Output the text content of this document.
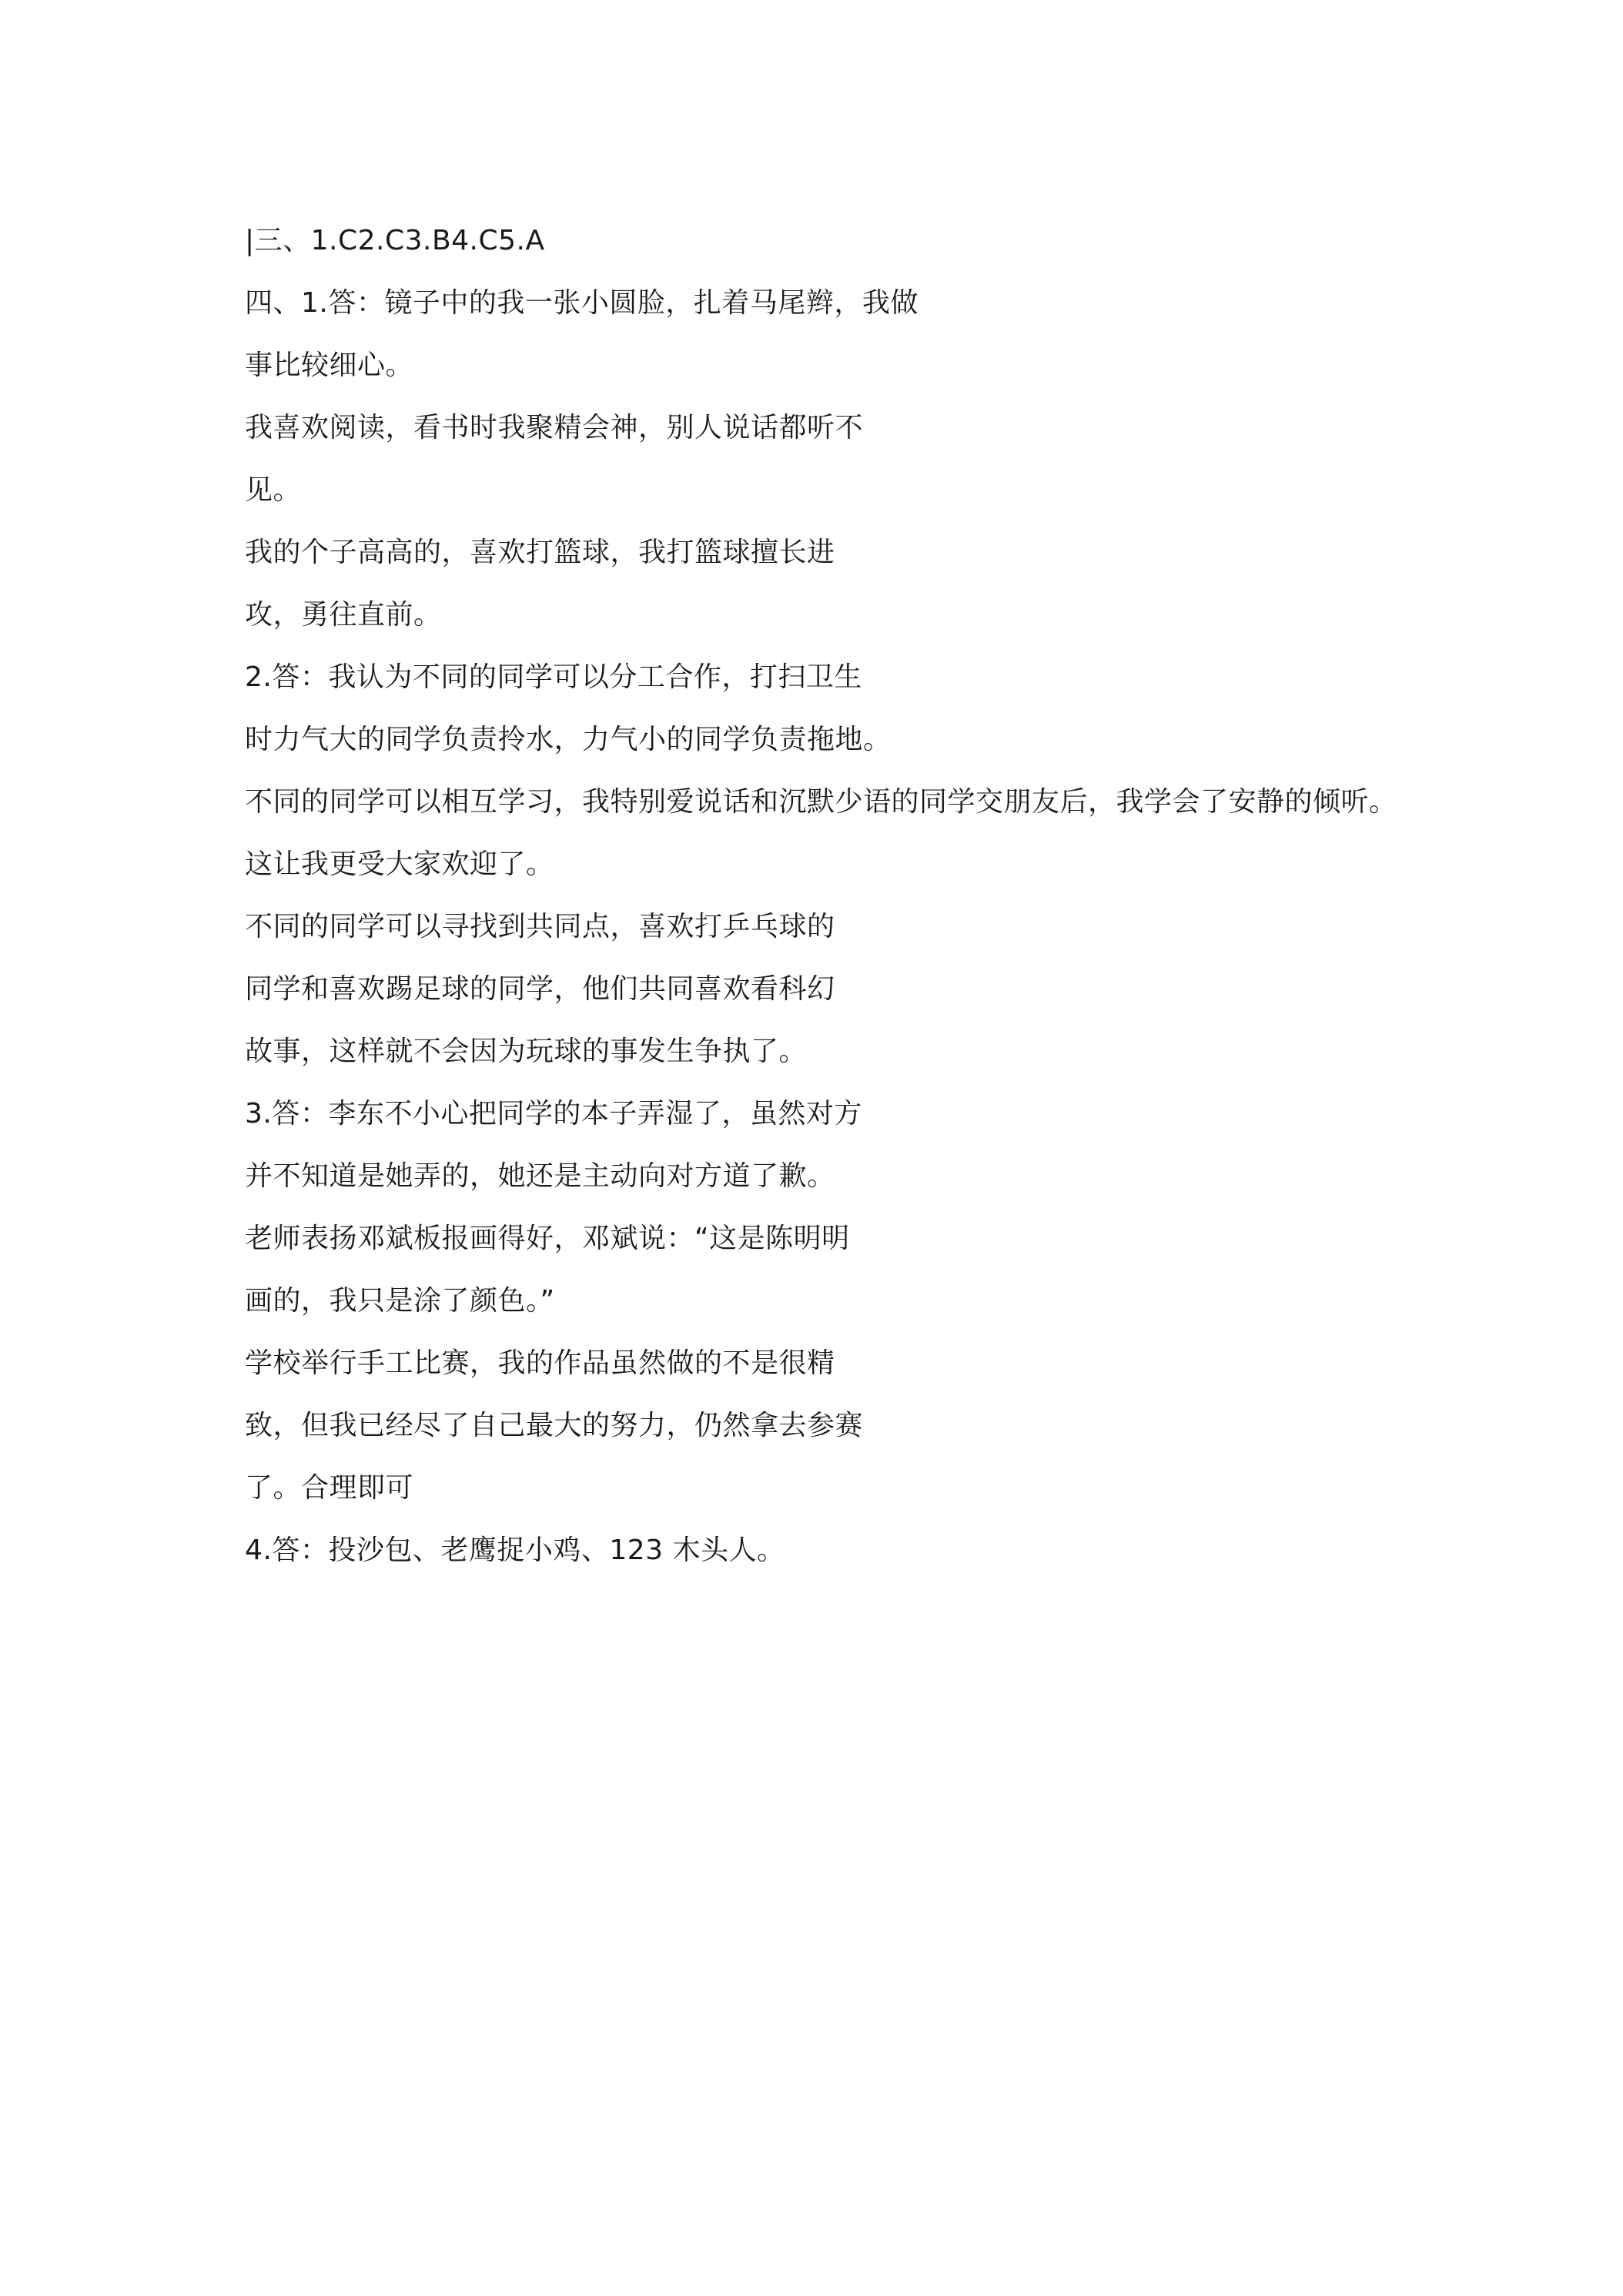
|三、1.C2.C3.B4.C5.A
四、1.答：镜子中的我一张小圆脸，扎着马尾辫，我做
事比较细心。
我喜欢阅读，看书时我聚精会神，别人说话都听不
见。
我的个子高高的，喜欢打篮球，我打篮球擅长进
攻，勇往直前。
2.答：我认为不同的同学可以分工合作，打扫卫生
时力气大的同学负责拎水，力气小的同学负责拖地。
不同的同学可以相互学习，我特别爱说话和沉默少语的同学交朋友后，我学会了安静的倾听。
这让我更受大家欢迎了。
不同的同学可以寻找到共同点，喜欢打乒乓球的
同学和喜欢踢足球的同学，他们共同喜欢看科幻
故事，这样就不会因为玩球的事发生争执了。
3.答：李东不小心把同学的本子弄湿了，虽然对方
并不知道是她弄的，她还是主动向对方道了歉。
老师表扬邓斌板报画得好，邓斌说：“这是陈明明
画的，我只是涂了颜色。”
学校举行手工比赛，我的作品虽然做的不是很精
致，但我已经尽了自己最大的努力，仍然拿去参赛
了。合理即可
4.答：投沙包、老鹰捉小鸡、123 木头人。
